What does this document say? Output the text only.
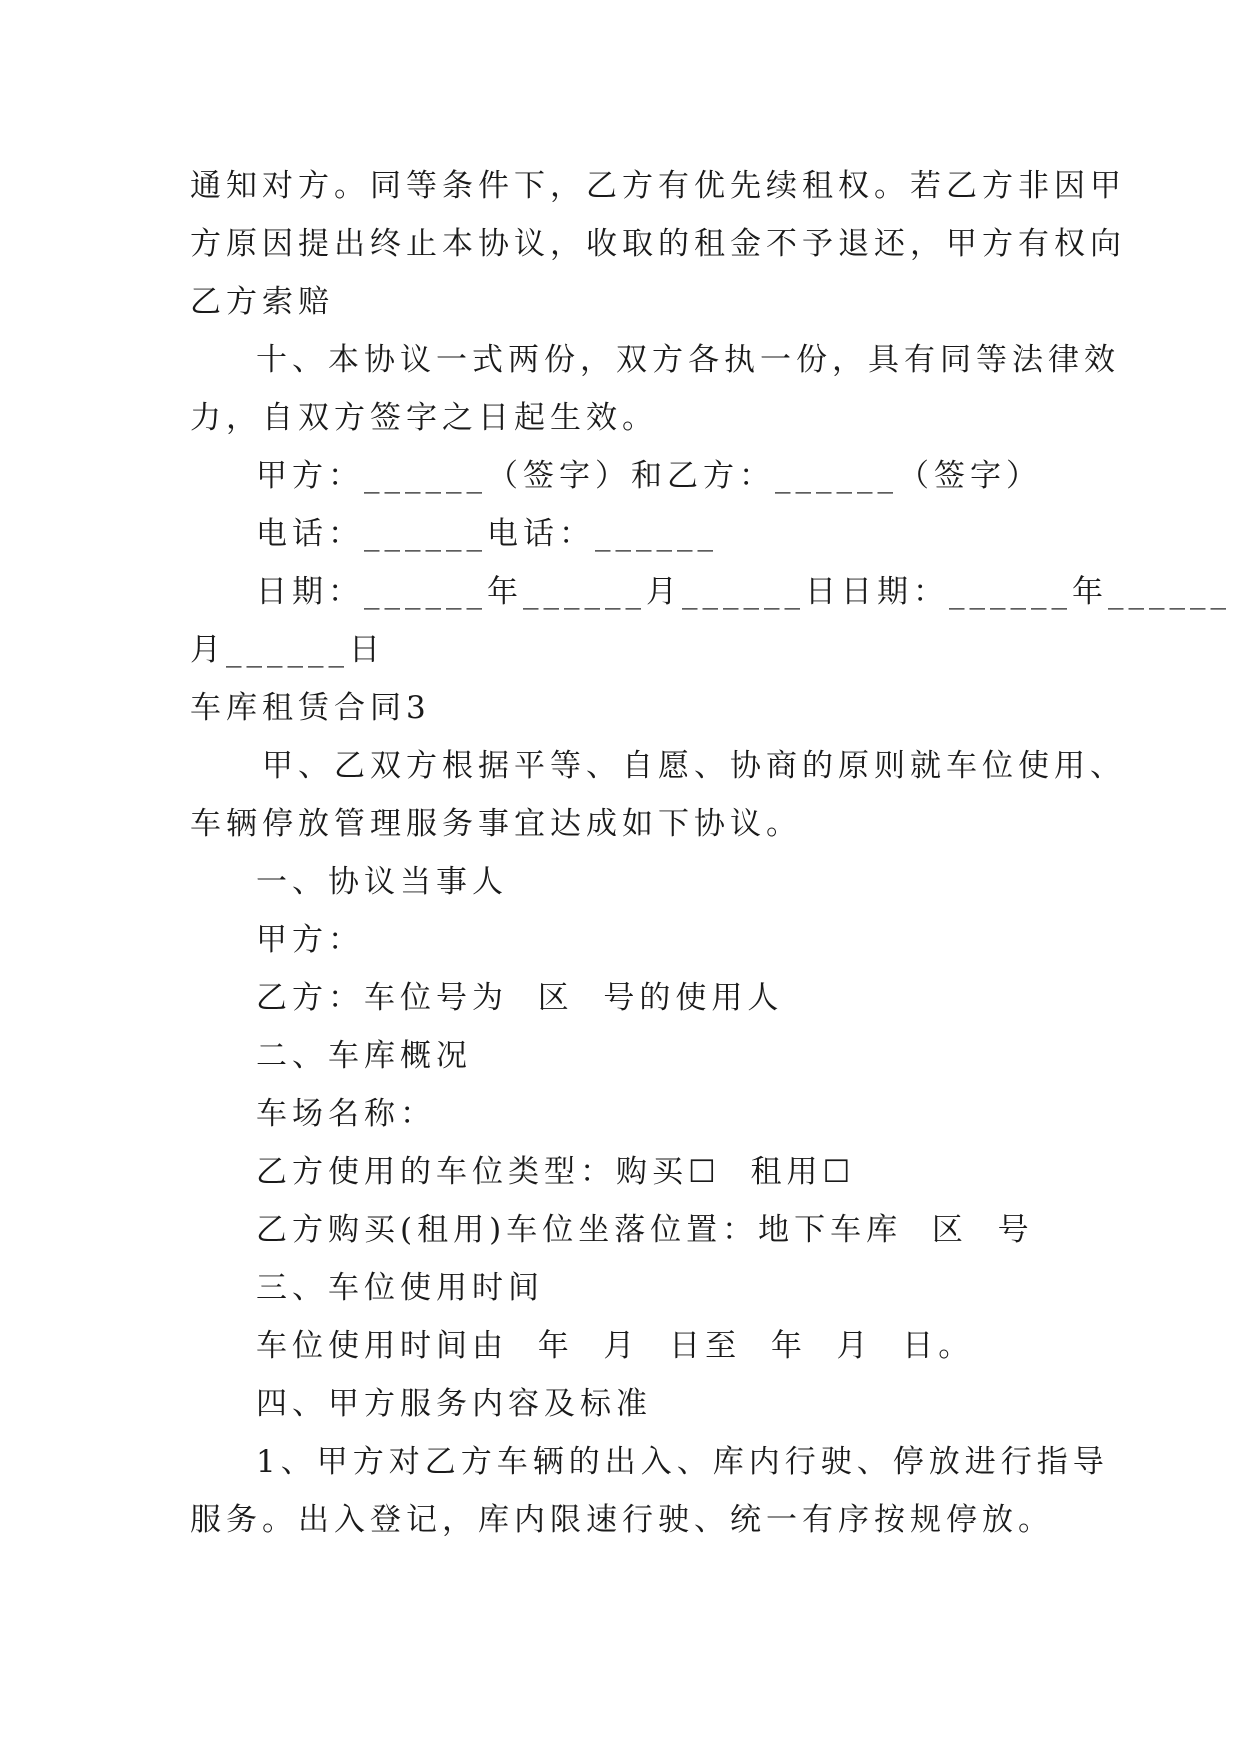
通知对方。同等条件下，乙方有优先续租权。若乙方非因甲
方原因提出终止本协议，收取的租金不予退还，甲方有权向
乙方索赔
十、本协议一式两份，双方各执一份，具有同等法律效
力，自双方签字之日起生效。
甲方：______（签字）和乙方：______（签字）
电话：______电话：______
日期：______年______月______日日期：______年______
月______日
车库租赁合同3
甲、乙双方根据平等、自愿、协商的原则就车位使用、
车辆停放管理服务事宜达成如下协议。
一、协议当事人
甲方：
乙方：车位号为  区  号的使用人
二、车库概况
车场名称：
乙方使用的车位类型：购买☐  租用☐
乙方购买(租用)车位坐落位置：地下车库  区  号
三、车位使用时间
车位使用时间由  年  月  日至  年  月  日。
四、甲方服务内容及标准
1、甲方对乙方车辆的出入、库内行驶、停放进行指导
服务。出入登记，库内限速行驶、统一有序按规停放。
